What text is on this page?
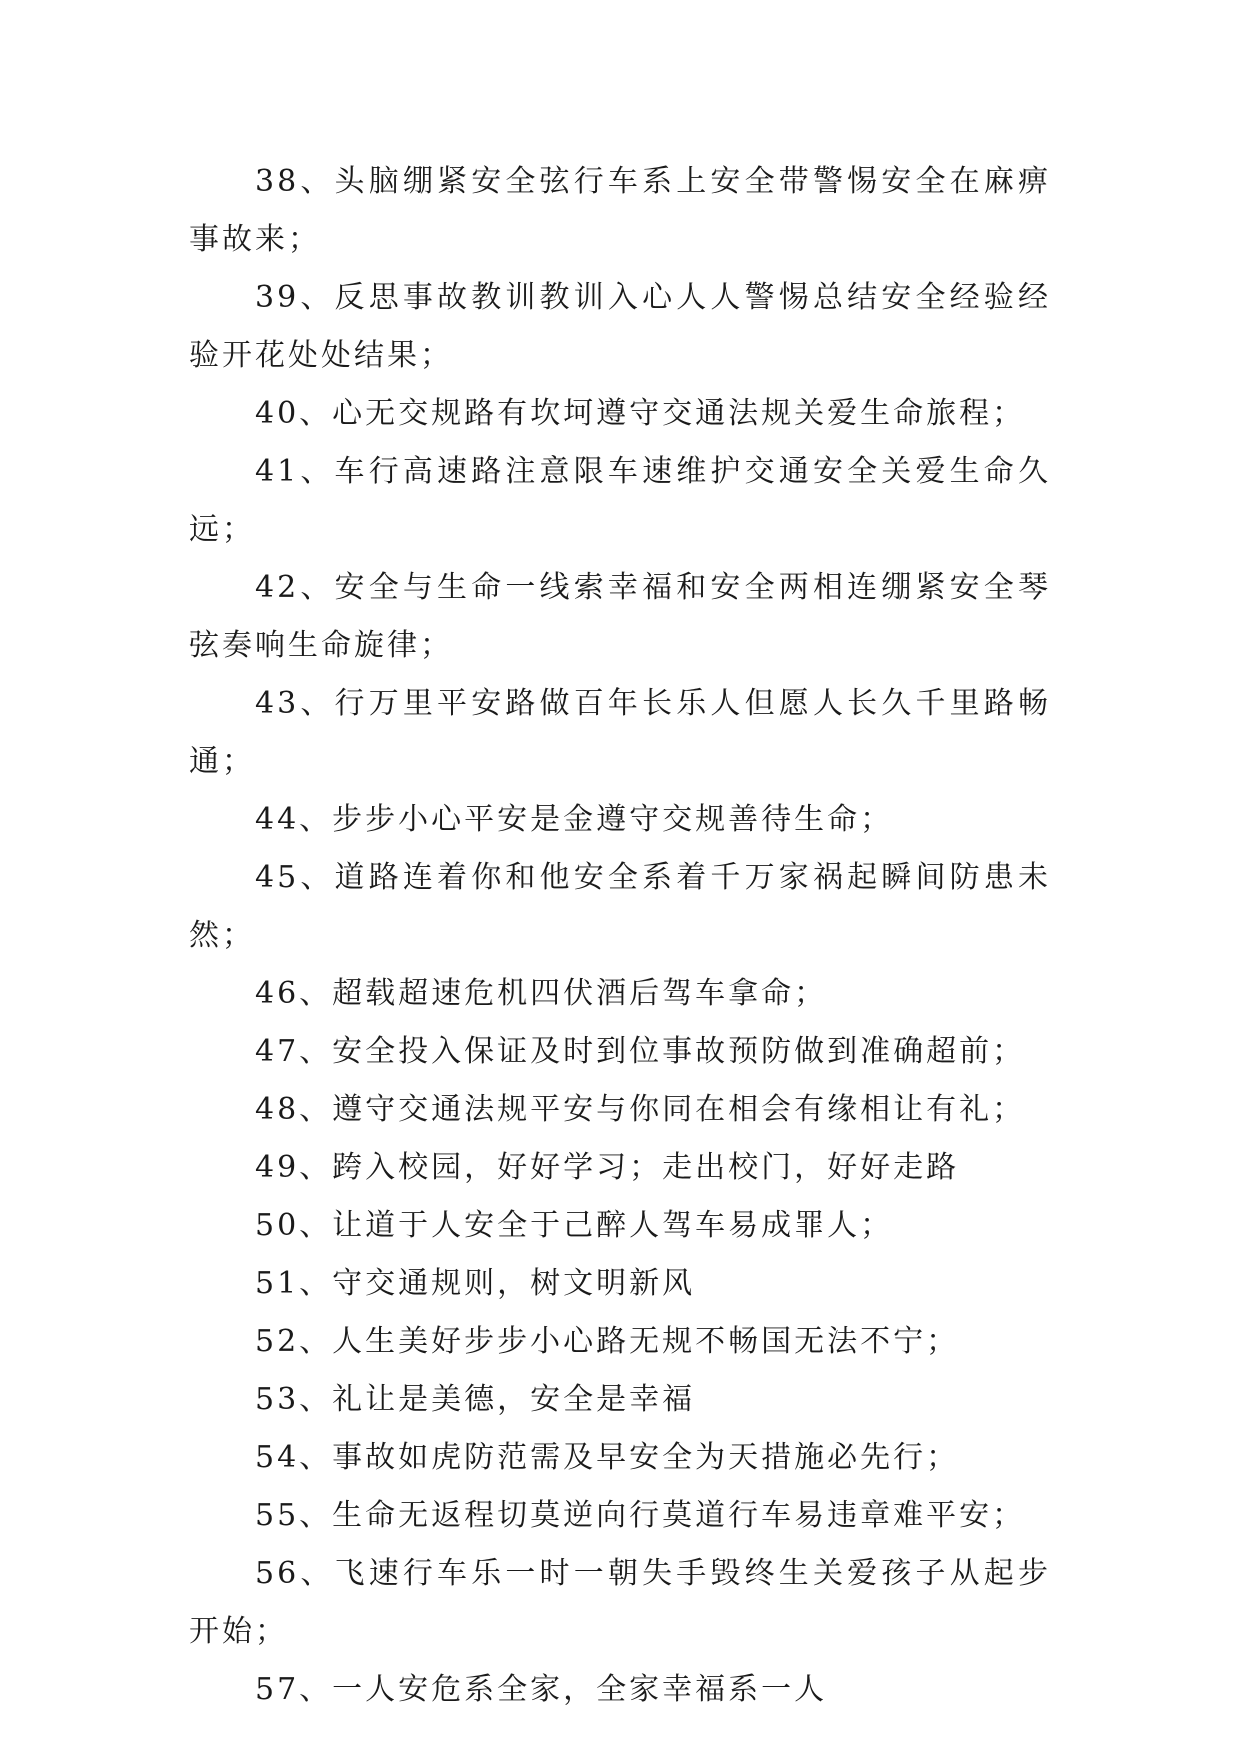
38、头脑绷紧安全弦行车系上安全带警惕安全在麻痹事故来；

39、反思事故教训教训入心人人警惕总结安全经验经验开花处处结果；

40、心无交规路有坎坷遵守交通法规关爱生命旅程；

41、车行高速路注意限车速维护交通安全关爱生命久远；

42、安全与生命一线索幸福和安全两相连绷紧安全琴弦奏响生命旋律；

43、行万里平安路做百年长乐人但愿人长久千里路畅通；

44、步步小心平安是金遵守交规善待生命；

45、道路连着你和他安全系着千万家祸起瞬间防患未然；

46、超载超速危机四伏酒后驾车拿命；

47、安全投入保证及时到位事故预防做到准确超前；

48、遵守交通法规平安与你同在相会有缘相让有礼；

49、跨入校园，好好学习；走出校门，好好走路

50、让道于人安全于己醉人驾车易成罪人；

51、守交通规则，树文明新风

52、人生美好步步小心路无规不畅国无法不宁；

53、礼让是美德，安全是幸福

54、事故如虎防范需及早安全为天措施必先行；

55、生命无返程切莫逆向行莫道行车易违章难平安；

56、飞速行车乐一时一朝失手毁终生关爱孩子从起步开始；

57、一人安危系全家，全家幸福系一人
